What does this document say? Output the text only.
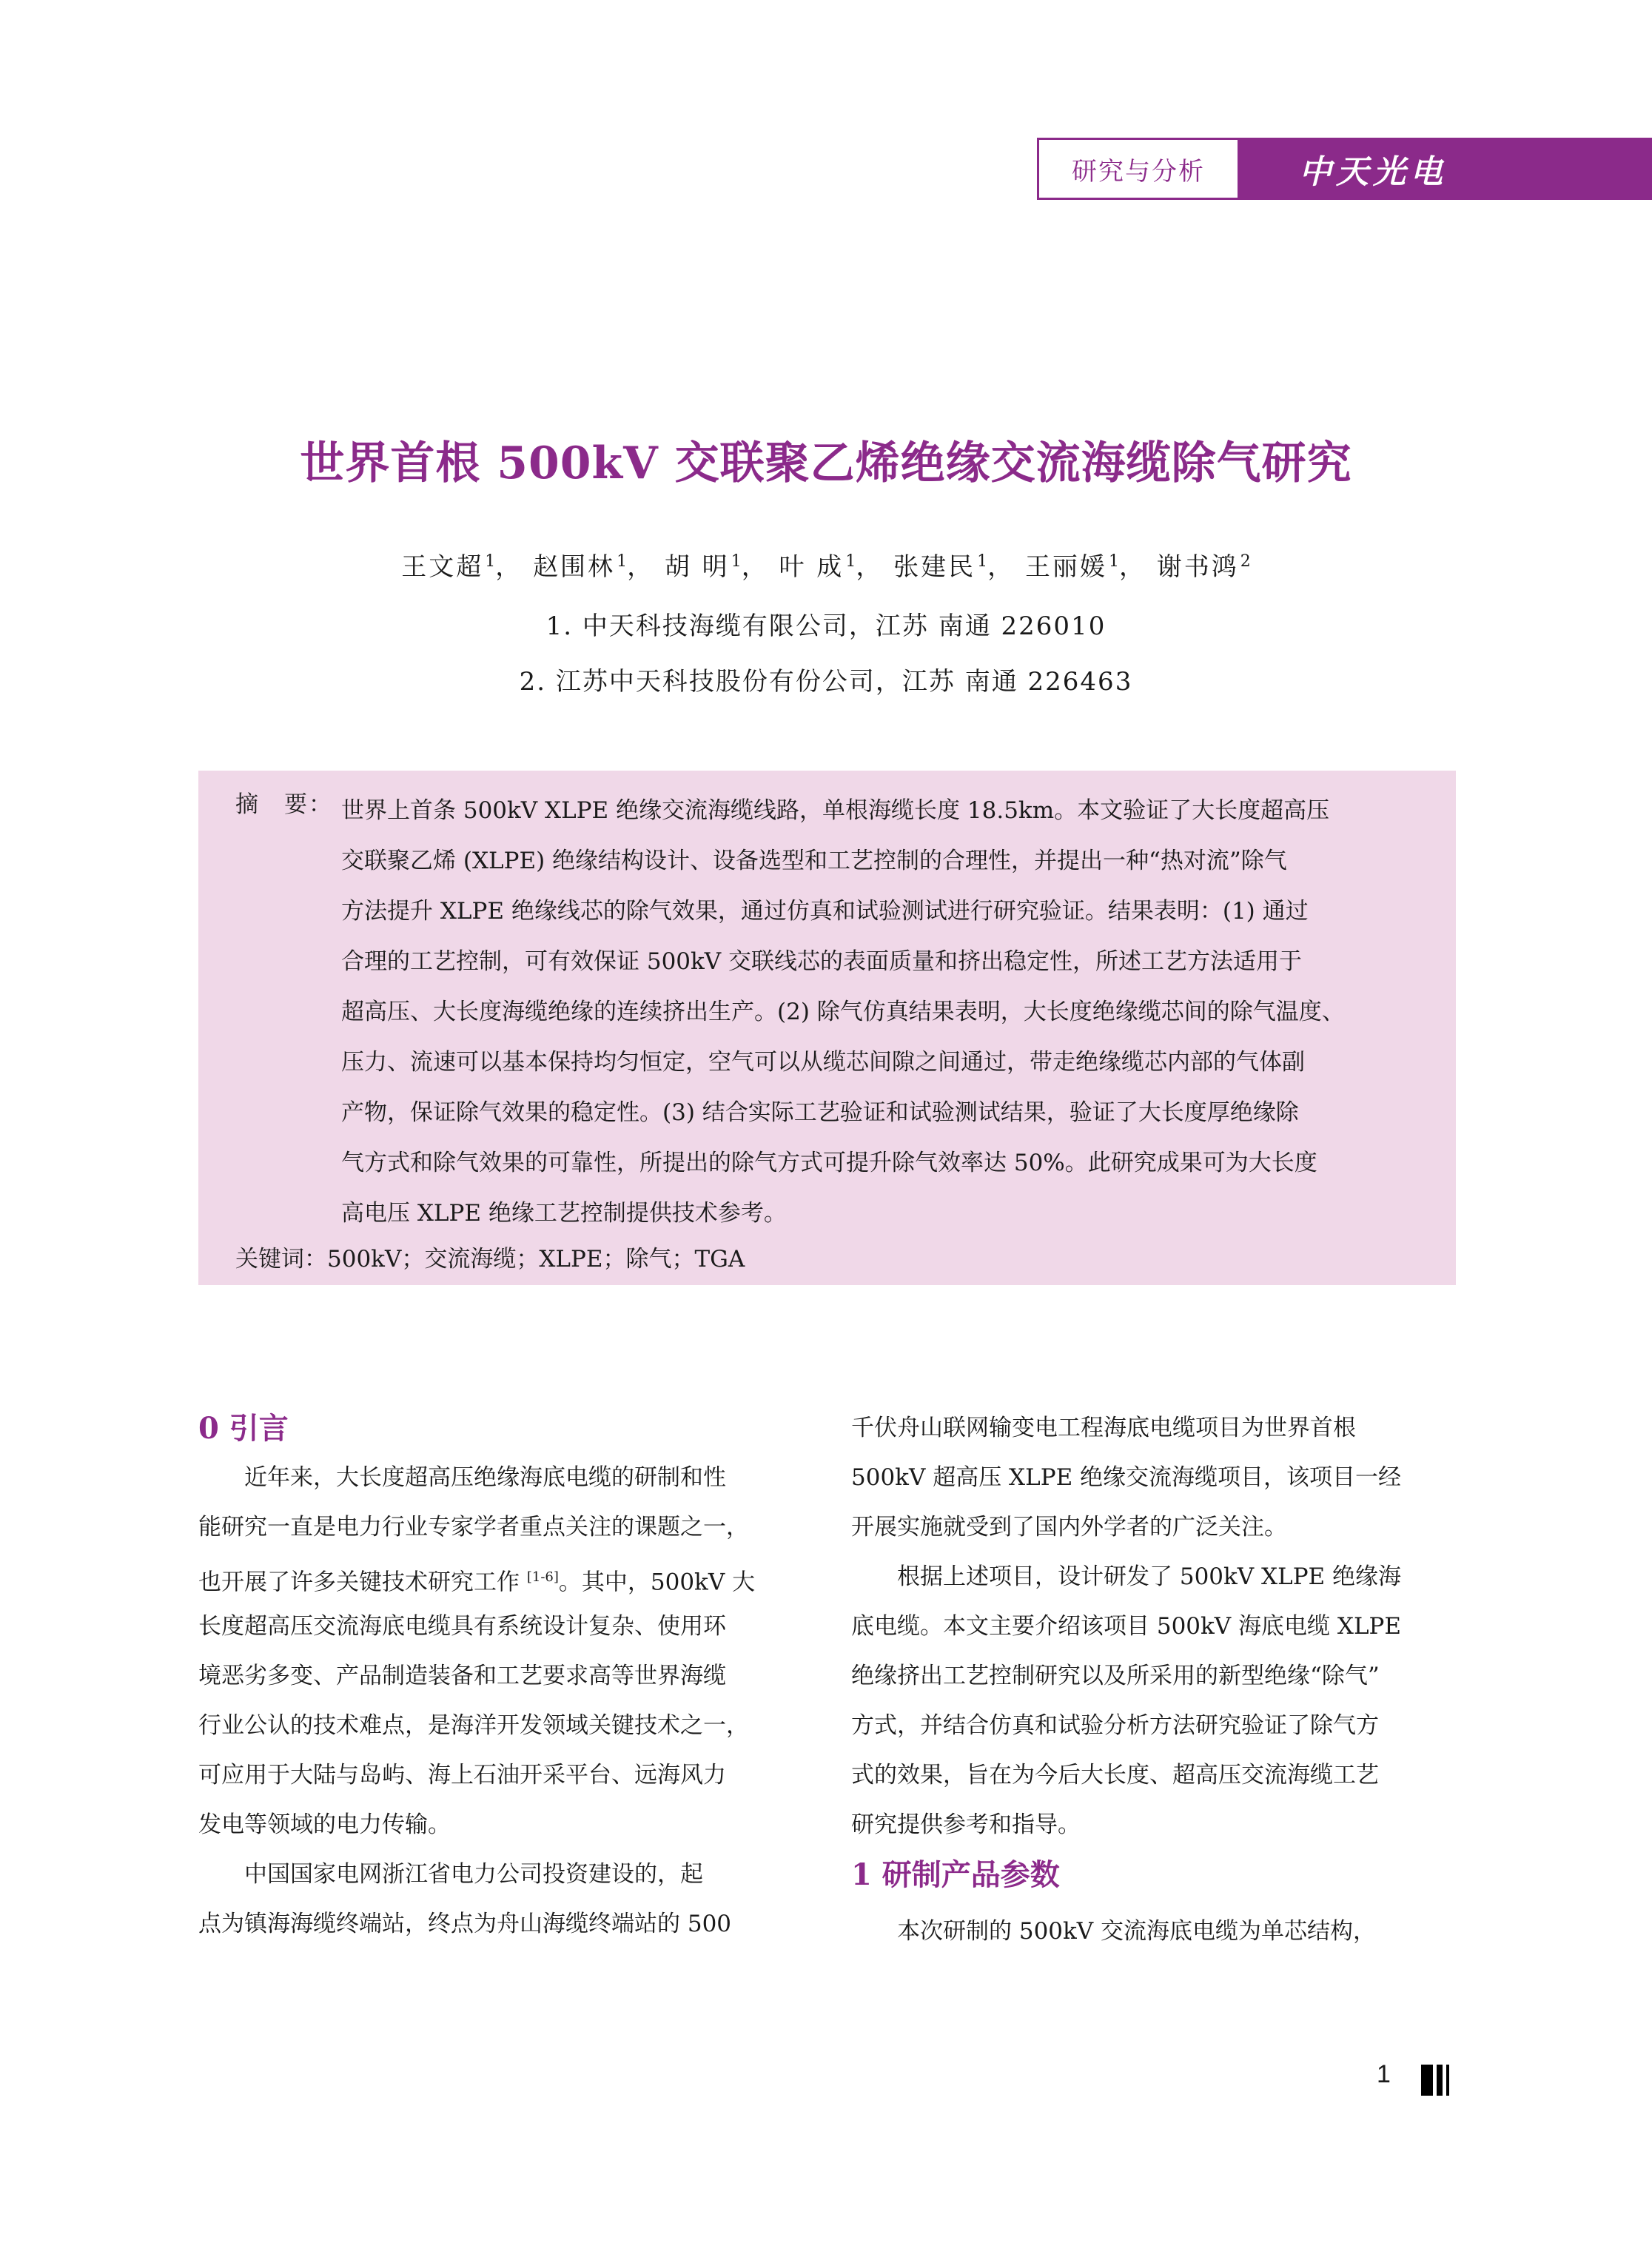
研究与分析	中天光电
世界首根 500kV 交联聚乙烯绝缘交流海缆除气研究
王文超$^1$， 赵围林$^1$， 胡 明$^1$， 叶 成$^1$， 张建民$^1$， 王丽媛$^1$， 谢书鸿$^2$
1. 中天科技海缆有限公司，江苏 南通 226010
2. 江苏中天科技股份有份公司，江苏 南通 226463
摘　要： 世界上首条 500kV XLPE 绝缘交流海缆线路，单根海缆长度 18.5km。本文验证了大长度超高压
交联聚乙烯 (XLPE) 绝缘结构设计、设备选型和工艺控制的合理性，并提出一种“热对流”除气
方法提升 XLPE 绝缘线芯的除气效果，通过仿真和试验测试进行研究验证。结果表明：(1) 通过
合理的工艺控制，可有效保证 500kV 交联线芯的表面质量和挤出稳定性，所述工艺方法适用于
超高压、大长度海缆绝缘的连续挤出生产。(2) 除气仿真结果表明，大长度绝缘缆芯间的除气温度、
压力、流速可以基本保持均匀恒定，空气可以从缆芯间隙之间通过，带走绝缘缆芯内部的气体副
产物，保证除气效果的稳定性。(3) 结合实际工艺验证和试验测试结果，验证了大长度厚绝缘除
气方式和除气效果的可靠性，所提出的除气方式可提升除气效率达 50%。此研究成果可为大长度
高电压 XLPE 绝缘工艺控制提供技术参考。
关键词：500kV；交流海缆；XLPE；除气；TGA
0 引言
近年来，大长度超高压绝缘海底电缆的研制和性
能研究一直是电力行业专家学者重点关注的课题之一，
也开展了许多关键技术研究工作 [1-6]。其中，500kV 大
长度超高压交流海底电缆具有系统设计复杂、使用环
境恶劣多变、产品制造装备和工艺要求高等世界海缆
行业公认的技术难点，是海洋开发领域关键技术之一，
可应用于大陆与岛屿、海上石油开采平台、远海风力
发电等领域的电力传输。
中国国家电网浙江省电力公司投资建设的，起
点为镇海海缆终端站，终点为舟山海缆终端站的 500
千伏舟山联网输变电工程海底电缆项目为世界首根
500kV 超高压 XLPE 绝缘交流海缆项目，该项目一经
开展实施就受到了国内外学者的广泛关注。
根据上述项目，设计研发了 500kV XLPE 绝缘海
底电缆。本文主要介绍该项目 500kV 海底电缆 XLPE
绝缘挤出工艺控制研究以及所采用的新型绝缘“除气”
方式，并结合仿真和试验分析方法研究验证了除气方
式的效果，旨在为今后大长度、超高压交流海缆工艺
研究提供参考和指导。
1 研制产品参数
本次研制的 500kV 交流海底电缆为单芯结构，
1
